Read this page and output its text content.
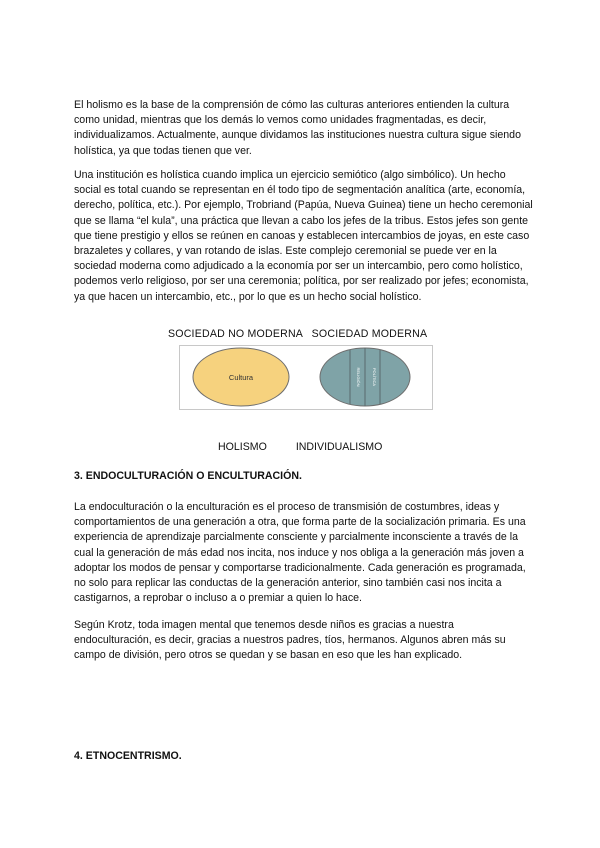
El holismo es la base de la comprensión de cómo las culturas anteriores entienden la cultura como unidad, mientras que los demás lo vemos como unidades fragmentadas, es decir, individualizamos. Actualmente, aunque dividamos las instituciones nuestra cultura sigue siendo holística, ya que todas tienen que ver.

Una institución es holística cuando implica un ejercicio semiótico (algo simbólico). Un hecho social es total cuando se representan en él todo tipo de segmentación analítica (arte, economía, derecho, política, etc.). Por ejemplo, Trobriand (Papúa, Nueva Guinea) tiene un hecho ceremonial que se llama “el kula”, una práctica que llevan a cabo los jefes de la tribus. Estos jefes son gente que tiene prestigio y ellos se reúnen en canoas y establecen intercambios de joyas, en este caso brazaletes y collares, y van rotando de islas. Este complejo ceremonial se puede ver en la sociedad moderna como adjudicado a la economía por ser un intercambio, pero como holístico, podemos verlo religioso, por ser una ceremonia; política, por ser realizado por jefes; economista, ya que hacen un intercambio, etc., por lo que es un hecho social holístico.

SOCIEDAD NO MODERNA SOCIEDAD MODERNA
Cultura	RELIGIÓN	POLÍTICA
HOLISMO	INDIVIDUALISMO

3. ENDOCULTURACIÓN O ENCULTURACIÓN.

La endoculturación o la enculturación es el proceso de transmisión de costumbres, ideas y comportamientos de una generación a otra, que forma parte de la socialización primaria. Es una experiencia de aprendizaje parcialmente consciente y parcialmente inconsciente a través de la cual la generación de más edad nos incita, nos induce y nos obliga a la generación más joven a adoptar los modos de pensar y comportarse tradicionalmente. Cada generación es programada, no solo para replicar las conductas de la generación anterior, sino también casi nos incita a castigarnos, a reprobar o incluso a o premiar a quien lo hace.

Según Krotz, toda imagen mental que tenemos desde niños es gracias a nuestra endoculturación, es decir, gracias a nuestros padres, tíos, hermanos. Algunos abren más su campo de división, pero otros se quedan y se basan en eso que les han explicado.

4. ETNOCENTRISMO.
